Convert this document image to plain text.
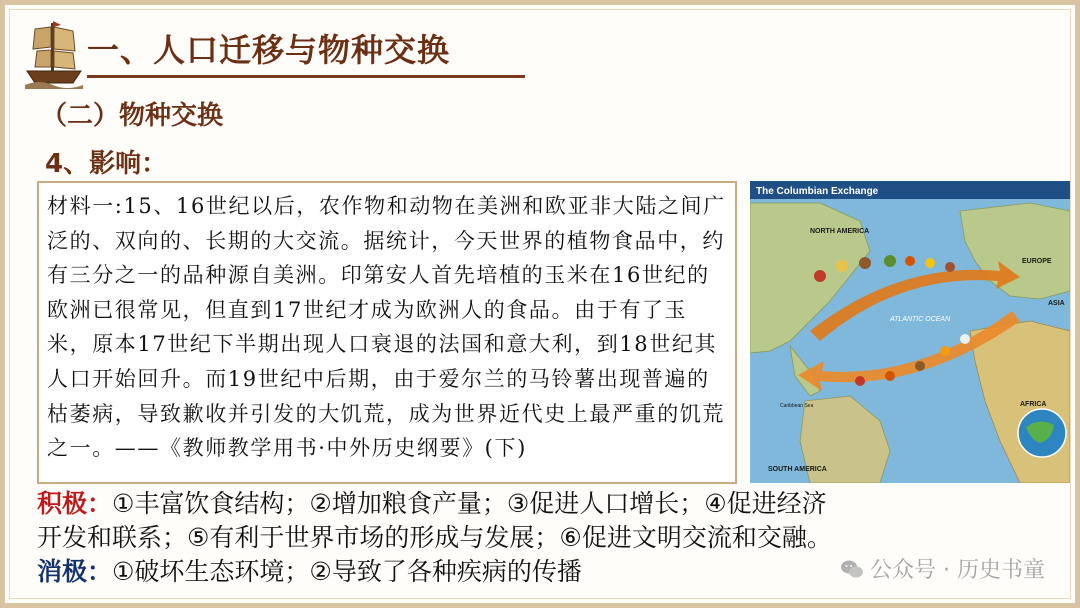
一、人口迁移与物种交换
（二）物种交换
4、影响：

材料一:15、16世纪以后，农作物和动物在美洲和欧亚非大陆之间广泛的、双向的、长期的大交流。据统计，今天世界的植物食品中，约有三分之一的品种源自美洲。印第安人首先培植的玉米在16世纪的欧洲已很常见，但直到17世纪才成为欧洲人的食品。由于有了玉米，原本17世纪下半期出现人口衰退的法国和意大利，到18世纪其人口开始回升。而19世纪中后期，由于爱尔兰的马铃薯出现普遍的枯萎病，导致歉收并引发的大饥荒，成为世界近代史上最严重的饥荒之一。——《教师教学用书·中外历史纲要》(下)

The Columbian Exchange
NORTH AMERICA
EUROPE
ASIA
ATLANTIC OCEAN
AFRICA
SOUTH AMERICA
Caribbean Sea

积极：①丰富饮食结构；②增加粮食产量；③促进人口增长；④促进经济

开发和联系；⑤有利于世界市场的形成与发展；⑥促进文明交流和交融。

消极：①破坏生态环境；②导致了各种疾病的传播	公众号 · 历史书童
